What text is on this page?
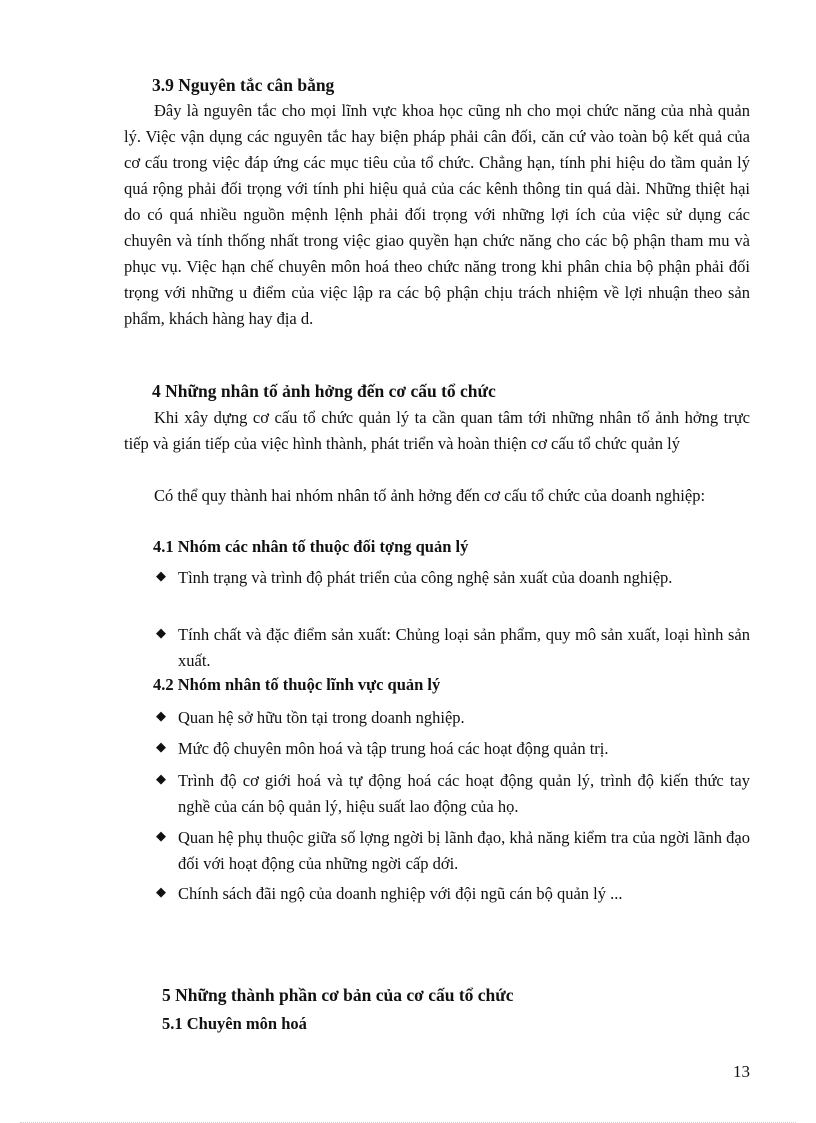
3.9 Nguyên tắc cân bằng

Đây là nguyên tắc cho mọi lĩnh vực khoa học cũng nh cho mọi chức năng của nhà quản lý. Việc vận dụng các nguyên tắc hay biện pháp phải cân đối, căn cứ vào toàn bộ kết quả của cơ cấu trong việc đáp ứng các mục tiêu của tổ chức. Chẳng hạn, tính phi hiệu do tầm quản lý quá rộng phải đối trọng với tính phi hiệu quả của các kênh thông tin quá dài. Những thiệt hại do có quá nhiều nguồn mệnh lệnh phải đối trọng với những lợi ích của việc sử dụng các chuyên và tính thống nhất trong việc giao quyền hạn chức năng cho các bộ phận tham mu và phục vụ. Việc hạn chế chuyên môn hoá theo chức năng trong khi phân chia bộ phận phải đối trọng với những u điểm của việc lập ra các bộ phận chịu trách nhiệm về lợi nhuận theo sản phẩm, khách hàng hay địa d.

4 Những nhân tố ảnh hởng đến cơ cấu tổ chức

Khi xây dựng cơ cấu tổ chức quản lý ta cần quan tâm tới những nhân tố ảnh hởng trực tiếp và gián tiếp của việc hình thành, phát triển và hoàn thiện cơ cấu tổ chức quản lý

Có thể quy thành hai nhóm nhân tố ảnh hởng đến cơ cấu tổ chức của doanh nghiệp:

4.1 Nhóm các nhân tố thuộc đối tợng quản lý
◆ Tình trạng và trình độ phát triển của công nghệ sản xuất của doanh nghiệp.
◆ Tính chất và đặc điểm sản xuất: Chủng loại sản phẩm, quy mô sản xuất, loại hình sản xuất.
4.2 Nhóm nhân tố thuộc lĩnh vực quản lý
◆ Quan hệ sở hữu tồn tại trong doanh nghiệp.
◆ Mức độ chuyên môn hoá và tập trung hoá các hoạt động quản trị.
◆ Trình độ cơ giới hoá và tự động hoá các hoạt động quản lý, trình độ kiến thức tay nghề của cán bộ quản lý, hiệu suất lao động của họ.
◆ Quan hệ phụ thuộc giữa số lợng ngời bị lãnh đạo, khả năng kiểm tra của ngời lãnh đạo đối với hoạt động của những ngời cấp dới.
◆ Chính sách đãi ngộ của doanh nghiệp với đội ngũ cán bộ quản lý ...
5 Những thành phần cơ bản của cơ cấu tổ chức
5.1 Chuyên môn hoá
13
